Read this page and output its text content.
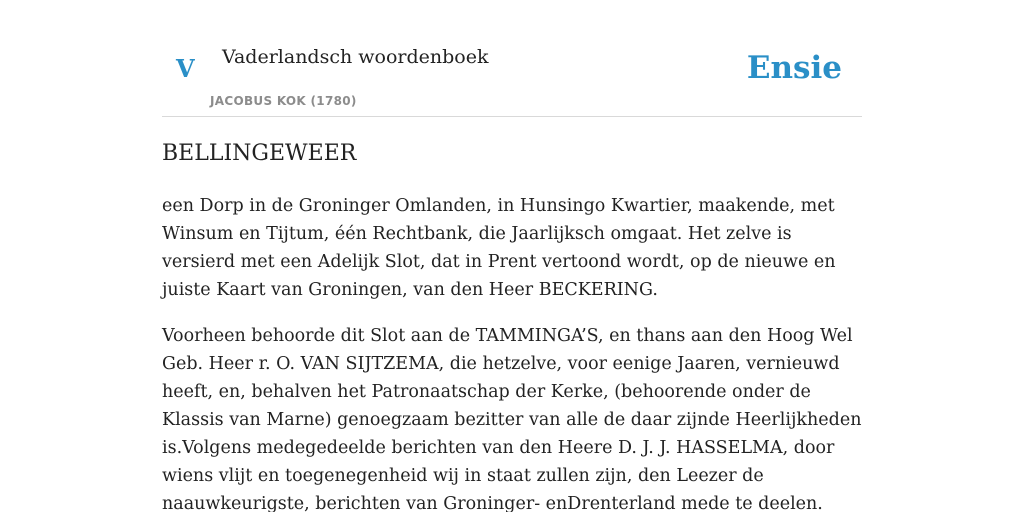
V Vaderlandsch woordenboek
JACOBUS KOK (1780)
Ensie
BELLINGEWEER

een Dorp in de Groninger Omlanden, in Hunsingo Kwartier, maakende, met Winsum en Tijtum, één Rechtbank, die Jaarlijksch omgaat. Het zelve is versierd met een Adelijk Slot, dat in Prent vertoond wordt, op de nieuwe en juiste Kaart van Groningen, van den Heer BECKERING.

Voorheen behoorde dit Slot aan de TAMMINGA’S, en thans aan den Hoog Wel Geb. Heer r. O. VAN SIJTZEMA, die hetzelve, voor eenige Jaaren, vernieuwd heeft, en, behalven het Patronaatschap der Kerke, (behoorende onder de Klassis van Marne) genoegzaam bezitter van alle de daar zijnde Heerlijkheden is.Volgens medegedeelde berichten van den Heere D. J. J. HASSELMA, door wiens vlijt en toegenegenheid wij in staat zullen zijn, den Leezer de naauwkeurigste, berichten van Groninger- enDrenterland mede te deelen.
